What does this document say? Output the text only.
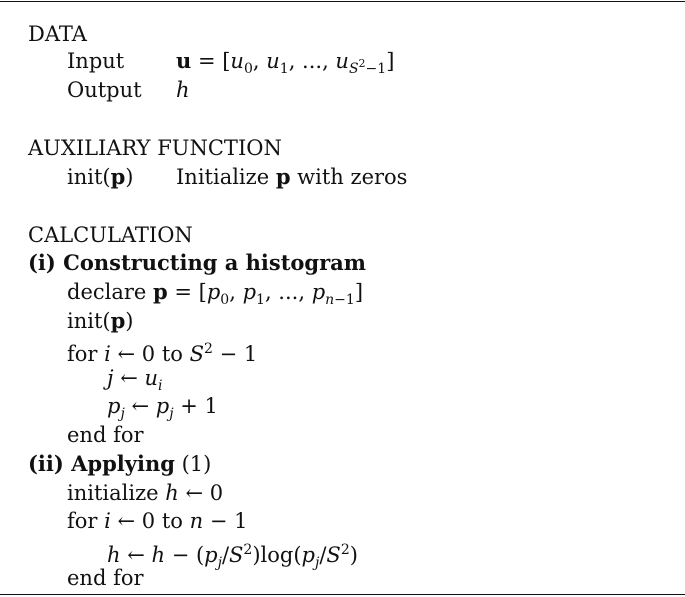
DATA
Input $u = [u_0$, $u_1$, ..., $u_{S^2-1}$]
Output h
AUXILIARY FUNCTION
init(p) Initialize p with zeros
CALCULATION
(i) Constructing a histogram
declare $p = [p_0$, $p_1$, ..., $p_{n-1}$]
init(p)
for i ← 0 to $S^2 - 1$
j ← $u_i$
$p_j$ ← $p_j + 1$
end for
(ii) Applying (1)
initialize h ← 0
for i ← 0 to n − 1
h ← $h - (p_j/S^2)\log(p_j/S^2)$
end for
